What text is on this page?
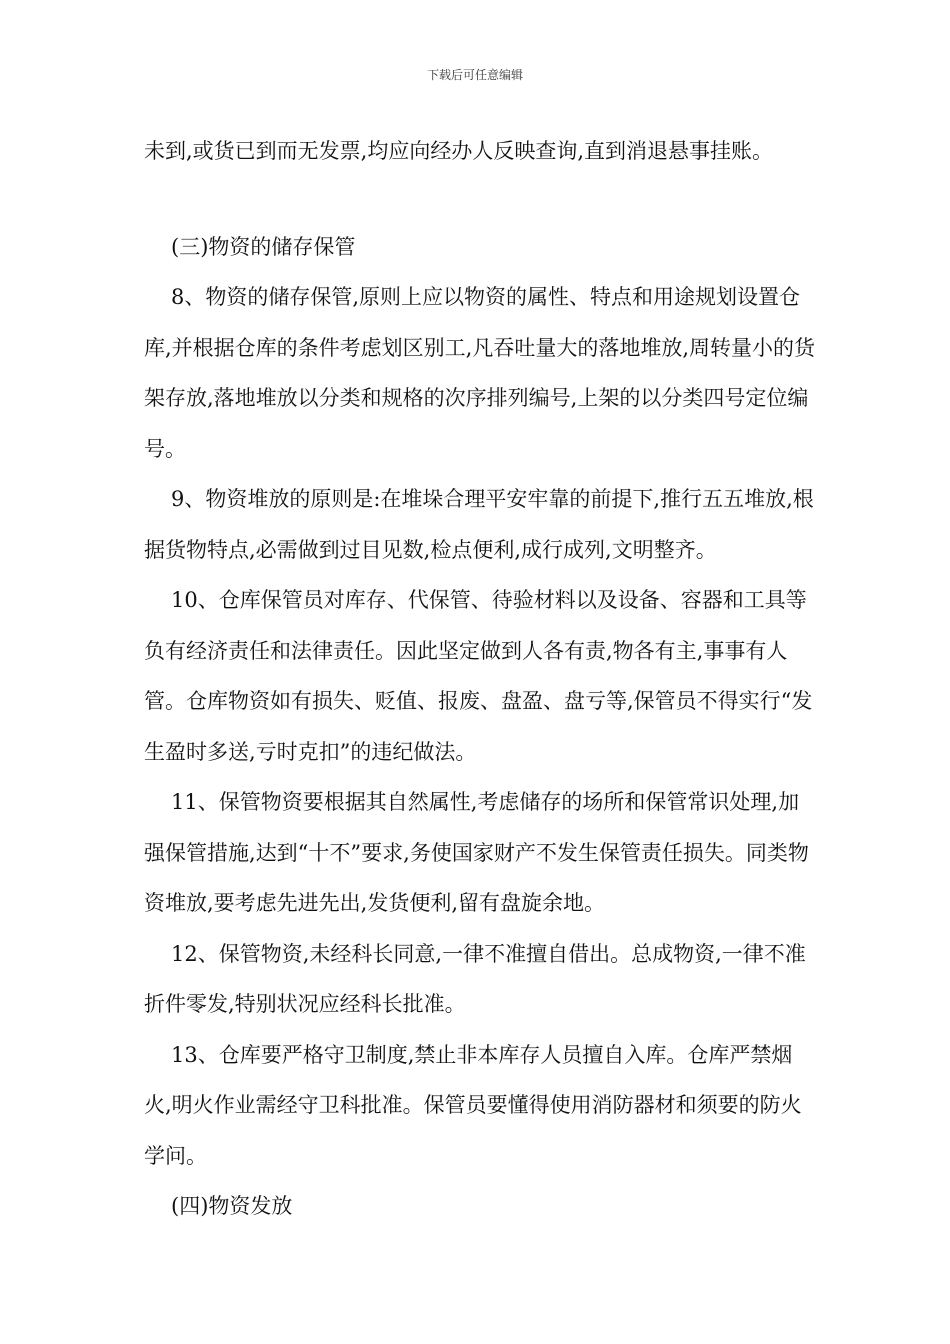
下载后可任意编辑

未到,或货已到而无发票,均应向经办人反映查询,直到消退悬事挂账。

(三)物资的储存保管

8、物资的储存保管,原则上应以物资的属性、特点和用途规划设置仓库,并根据仓库的条件考虑划区别工,凡吞吐量大的落地堆放,周转量小的货架存放,落地堆放以分类和规格的次序排列编号,上架的以分类四号定位编号。

9、物资堆放的原则是:在堆垛合理平安牢靠的前提下,推行五五堆放,根据货物特点,必需做到过目见数,检点便利,成行成列,文明整齐。

10、仓库保管员对库存、代保管、待验材料以及设备、容器和工具等负有经济责任和法律责任。因此坚定做到人各有责,物各有主,事事有人管。仓库物资如有损失、贬值、报废、盘盈、盘亏等,保管员不得实行“发生盈时多送,亏时克扣”的违纪做法。

11、保管物资要根据其自然属性,考虑储存的场所和保管常识处理,加强保管措施,达到“十不”要求,务使国家财产不发生保管责任损失。同类物资堆放,要考虑先进先出,发货便利,留有盘旋余地。

12、保管物资,未经科长同意,一律不准擅自借出。总成物资,一律不准折件零发,特别状况应经科长批准。

13、仓库要严格守卫制度,禁止非本库存人员擅自入库。仓库严禁烟火,明火作业需经守卫科批准。保管员要懂得使用消防器材和须要的防火学问。

(四)物资发放
